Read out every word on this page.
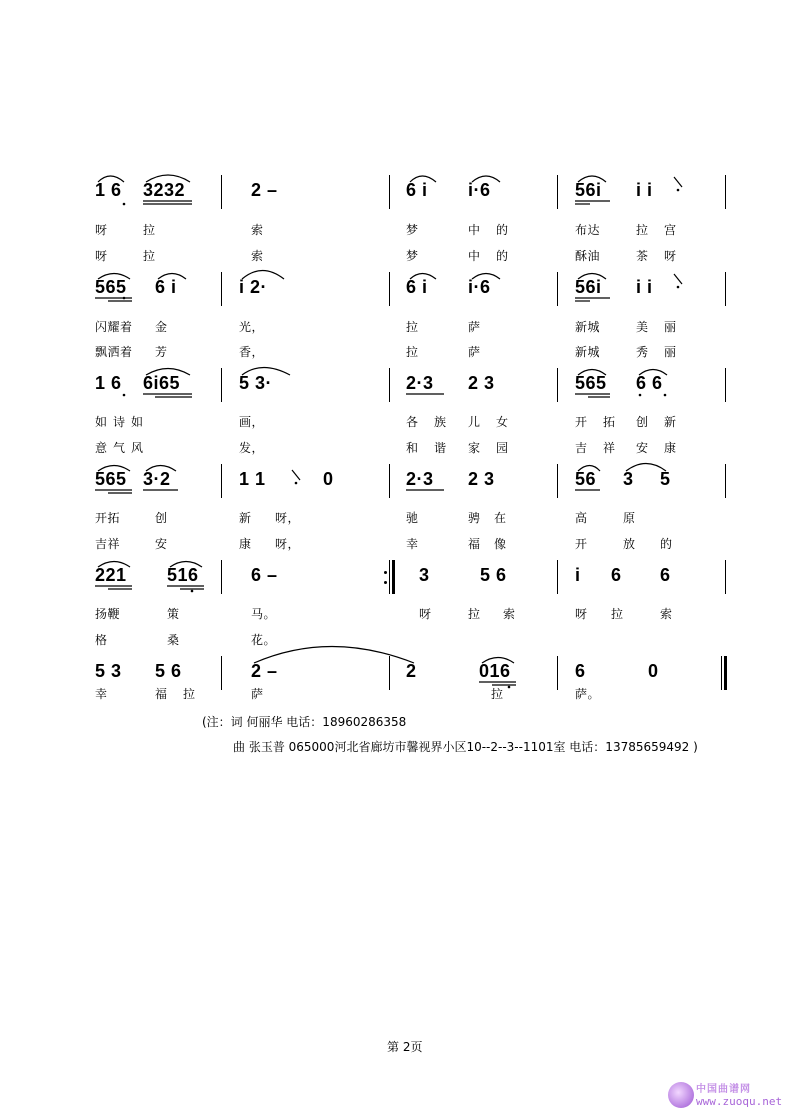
1 6 3232	2 –	6 i i·6	56i i i
呀	拉	索	梦	中的	布达	拉宫
呀	拉	索	梦	中的	酥油	茶呀
565 6 i	i 2·	6 i i·6	56i i i
闪耀着 金	光，	拉	萨	新城	美丽
飘洒着 芳	香，	拉	萨	新城	秀丽
1 6 6i65	5 3·	2·3 2 3	565 6 6
如诗如	画，	各族 儿女	开拓 创新
意气风	发，	和谐 家园	吉祥 安康
565 3·2	1 1	0	2·3 2 3	56 3 5
开拓	创	新 呀，	驰	骋 在	高	原
吉祥	安	康 呀，	幸	福 像	开	放 的
221 516	6 –	3	5 6	i 6 6
扬鞭	策	马。	呀	拉 索	呀 拉	索
格	桑	花。
5 3 5 6	2 –	2	016	6	0
幸	福拉	萨	拉	萨。
(注：词 何丽华 电话：18960286358
曲 张玉普 065000河北省廊坊市馨视界小区10--2--3--1101室 电话：13785659492 )
第 2页
中国曲谱网
www.zuoqu.net
